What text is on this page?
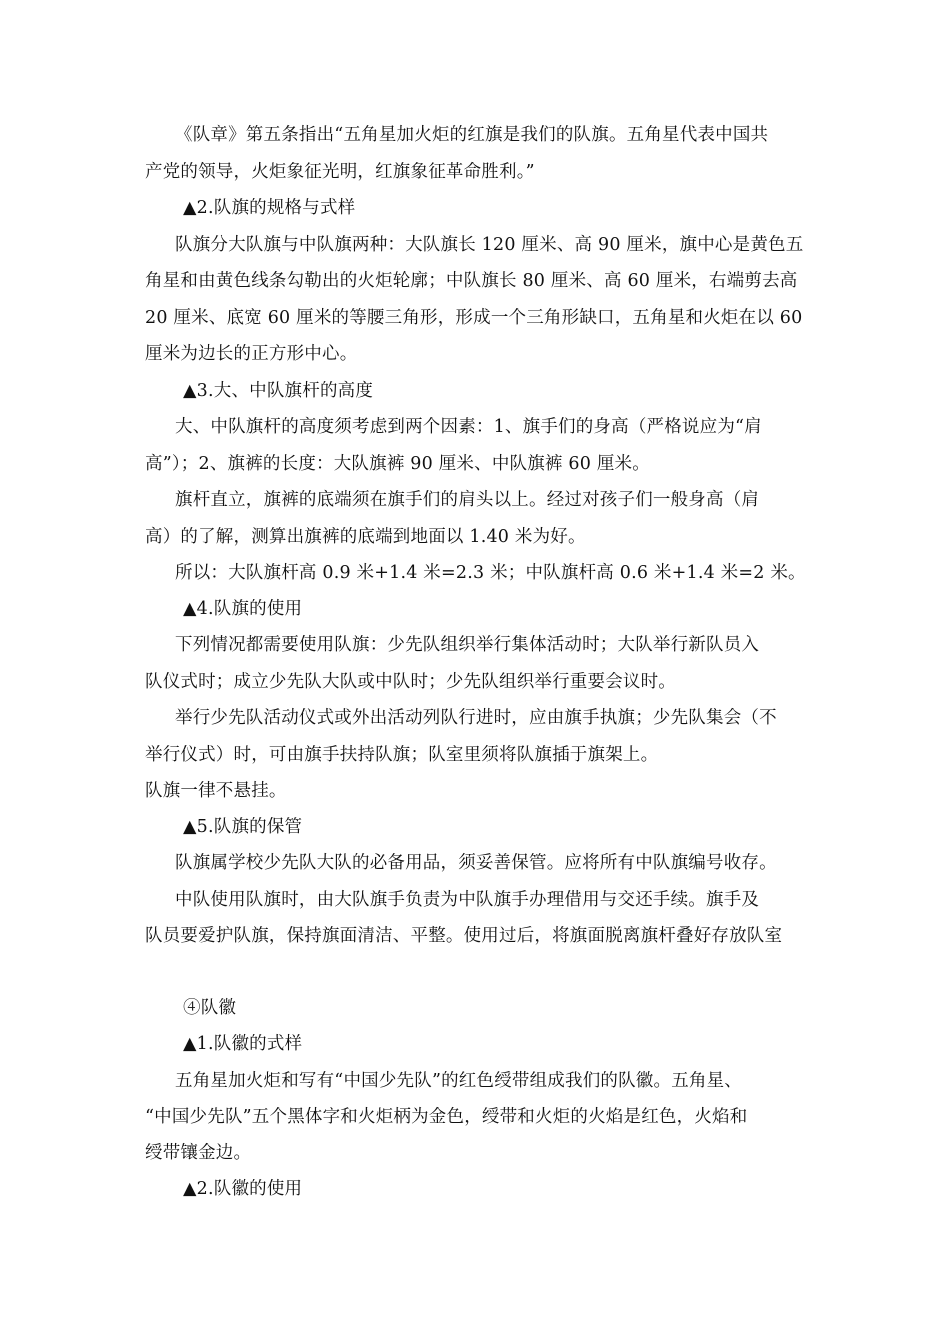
《队章》第五条指出“五角星加火炬的红旗是我们的队旗。五角星代表中国共
产党的领导，火炬象征光明，红旗象征革命胜利。”
▲2.队旗的规格与式样
队旗分大队旗与中队旗两种：大队旗长 120 厘米、高 90 厘米，旗中心是黄色五
角星和由黄色线条勾勒出的火炬轮廓；中队旗长 80 厘米、高 60 厘米，右端剪去高
20 厘米、底宽 60 厘米的等腰三角形，形成一个三角形缺口，五角星和火炬在以 60
厘米为边长的正方形中心。
▲3.大、中队旗杆的高度
大、中队旗杆的高度须考虑到两个因素：1、旗手们的身高（严格说应为“肩
高”）；2、旗裤的长度：大队旗裤 90 厘米、中队旗裤 60 厘米。
旗杆直立，旗裤的底端须在旗手们的肩头以上。经过对孩子们一般身高（肩
高）的了解，测算出旗裤的底端到地面以 1.40 米为好。
所以：大队旗杆高 0.9 米+1.4 米=2.3 米；中队旗杆高 0.6 米+1.4 米=2 米。
▲4.队旗的使用
下列情况都需要使用队旗：少先队组织举行集体活动时；大队举行新队员入
队仪式时；成立少先队大队或中队时；少先队组织举行重要会议时。
举行少先队活动仪式或外出活动列队行进时，应由旗手执旗；少先队集会（不
举行仪式）时，可由旗手扶持队旗；队室里须将队旗插于旗架上。
队旗一律不悬挂。
▲5.队旗的保管
队旗属学校少先队大队的必备用品，须妥善保管。应将所有中队旗编号收存。
中队使用队旗时，由大队旗手负责为中队旗手办理借用与交还手续。旗手及
队员要爱护队旗，保持旗面清洁、平整。使用过后，将旗面脱离旗杆叠好存放队室
④队徽
▲1.队徽的式样
五角星加火炬和写有“中国少先队”的红色绶带组成我们的队徽。五角星、
“中国少先队”五个黑体字和火炬柄为金色，绶带和火炬的火焰是红色，火焰和
绶带镶金边。
▲2.队徽的使用
